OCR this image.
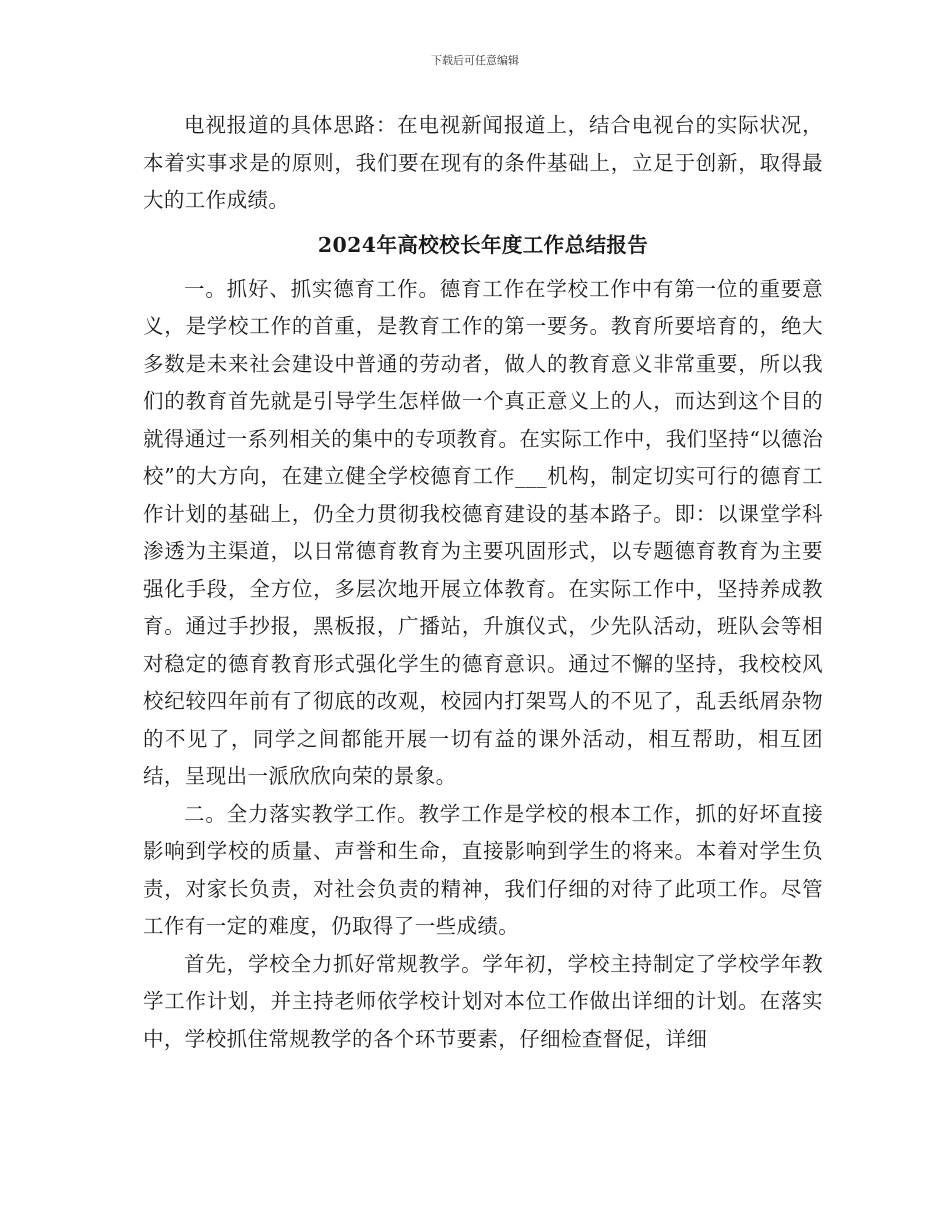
下载后可任意编辑

电视报道的具体思路：在电视新闻报道上，结合电视台的实际状况，本着实事求是的原则，我们要在现有的条件基础上，立足于创新，取得最大的工作成绩。

2024年高校校长年度工作总结报告

一。抓好、抓实德育工作。德育工作在学校工作中有第一位的重要意义，是学校工作的首重，是教育工作的第一要务。教育所要培育的，绝大多数是未来社会建设中普通的劳动者，做人的教育意义非常重要，所以我们的教育首先就是引导学生怎样做一个真正意义上的人，而达到这个目的就得通过一系列相关的集中的专项教育。在实际工作中，我们坚持“以德治校”的大方向，在建立健全学校德育工作___机构，制定切实可行的德育工作计划的基础上，仍全力贯彻我校德育建设的基本路子。即：以课堂学科渗透为主渠道，以日常德育教育为主要巩固形式，以专题德育教育为主要强化手段，全方位，多层次地开展立体教育。在实际工作中，坚持养成教育。通过手抄报，黑板报，广播站，升旗仪式，少先队活动，班队会等相对稳定的德育教育形式强化学生的德育意识。通过不懈的坚持，我校校风校纪较四年前有了彻底的改观，校园内打架骂人的不见了，乱丢纸屑杂物的不见了，同学之间都能开展一切有益的课外活动，相互帮助，相互团结，呈现出一派欣欣向荣的景象。

二。全力落实教学工作。教学工作是学校的根本工作，抓的好坏直接影响到学校的质量、声誉和生命，直接影响到学生的将来。本着对学生负责，对家长负责，对社会负责的精神，我们仔细的对待了此项工作。尽管工作有一定的难度，仍取得了一些成绩。

首先，学校全力抓好常规教学。学年初，学校主持制定了学校学年教学工作计划，并主持老师依学校计划对本位工作做出详细的计划。在落实中，学校抓住常规教学的各个环节要素，仔细检查督促，详细
